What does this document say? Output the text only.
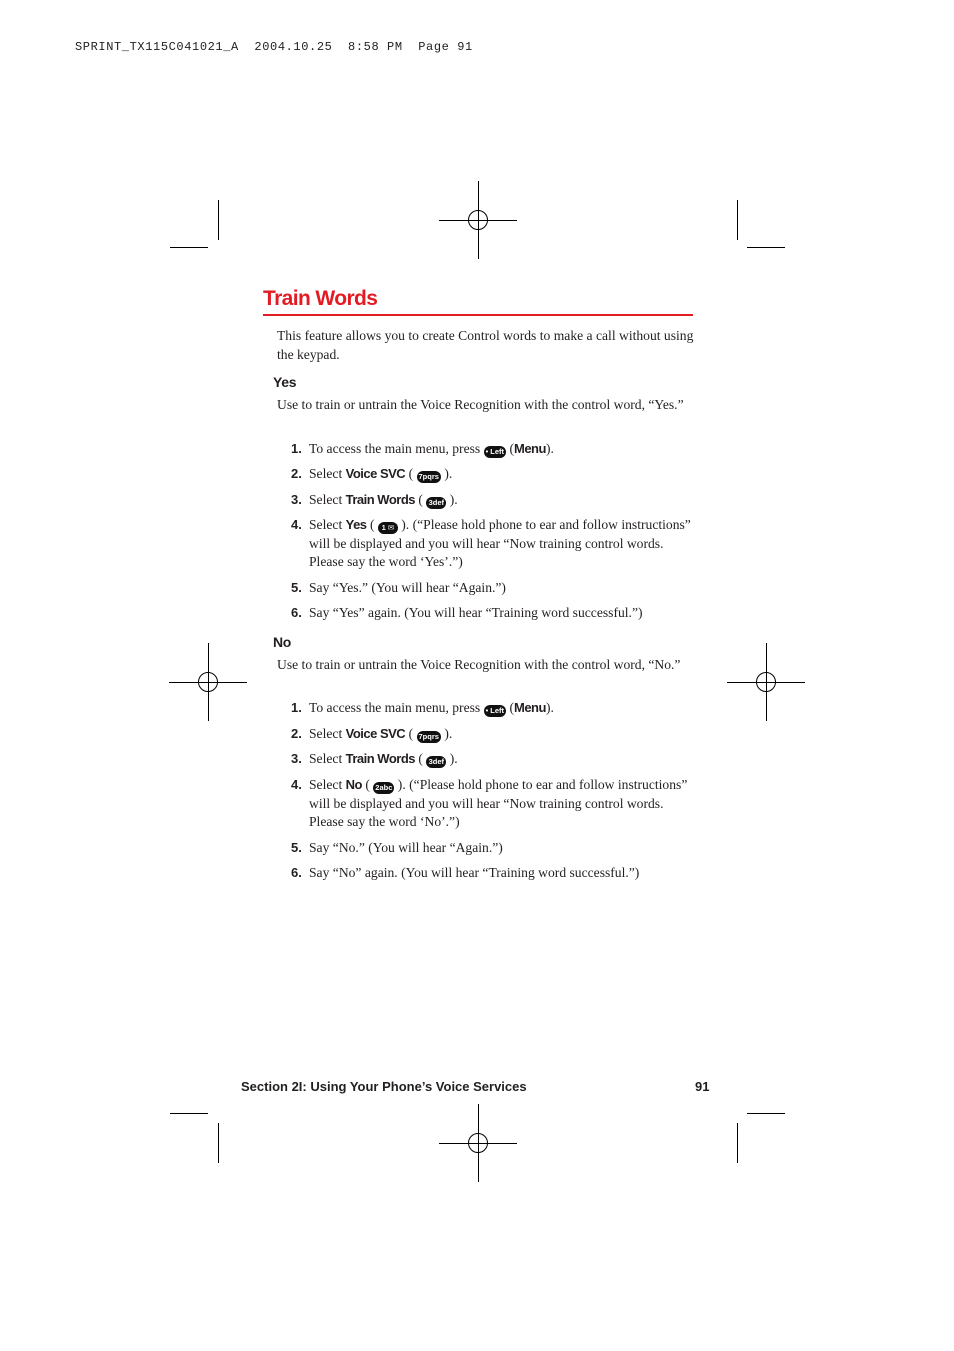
SPRINT_TX115C041021_A  2004.10.25  8:58 PM  Page 91
Train Words
This feature allows you to create Control words to make a call without using the keypad.
Yes
Use to train or untrain the Voice Recognition with the control word, “Yes.”
1. To access the main menu, press • Left (Menu).
2. Select Voice SVC ( 7pqrs ).
3. Select Train Words ( 3def ).
4. Select Yes ( 1 ✉ ). (“Please hold phone to ear and follow instructions” will be displayed and you will hear “Now training control words. Please say the word ‘Yes’.”)
5. Say “Yes.” (You will hear “Again.”)
6. Say “Yes” again. (You will hear “Training word successful.”)
No
Use to train or untrain the Voice Recognition with the control word, “No.”
1. To access the main menu, press • Left (Menu).
2. Select Voice SVC ( 7pqrs ).
3. Select Train Words ( 3def ).
4. Select No ( 2abc ). (“Please hold phone to ear and follow instructions” will be displayed and you will hear “Now training control words. Please say the word ‘No’.”)
5. Say “No.” (You will hear “Again.”)
6. Say “No” again. (You will hear “Training word successful.”)
Section 2I: Using Your Phone’s Voice Services	91
